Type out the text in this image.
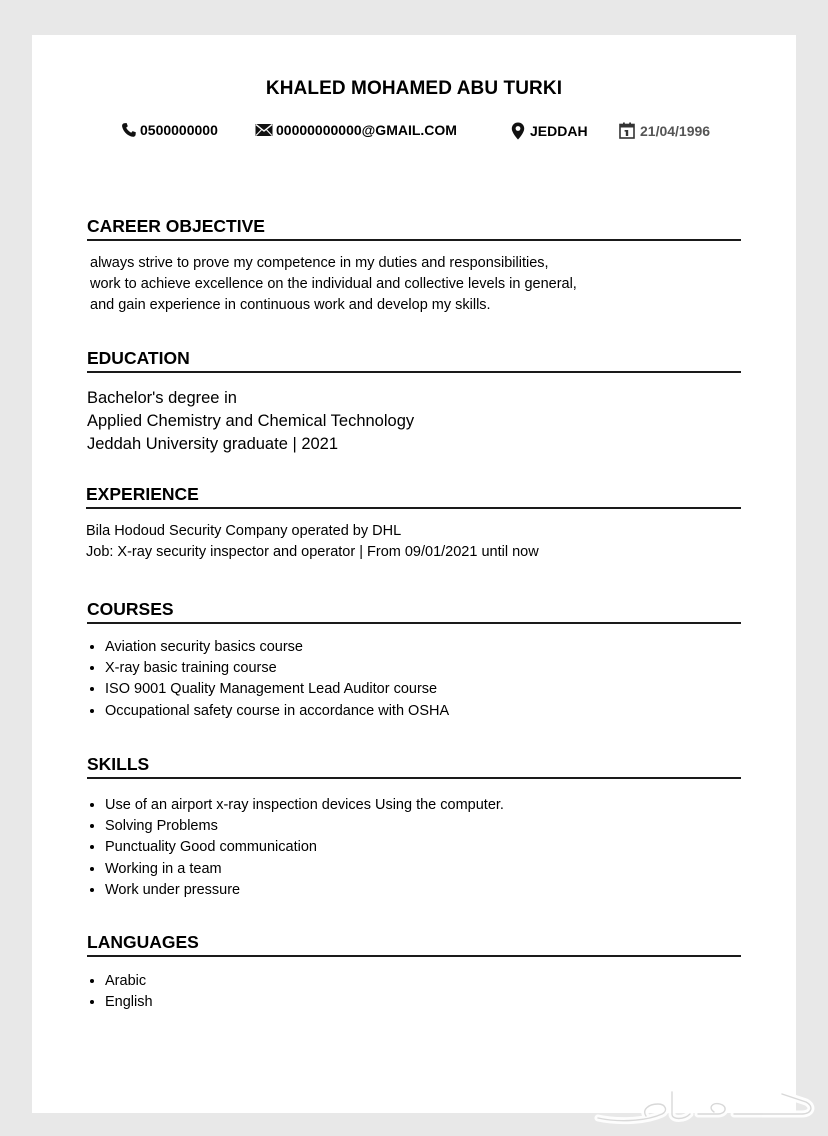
KHALED MOHAMED ABU TURKI
0500000000	00000000000@GMAIL.COM	JEDDAH	21/04/1996
CAREER OBJECTIVE
always strive to prove my competence in my duties and responsibilities,
work to achieve excellence on the individual and collective levels in general,
and gain experience in continuous work and develop my skills.
EDUCATION
Bachelor's degree in
Applied Chemistry and Chemical Technology
Jeddah University graduate | 2021
EXPERIENCE
Bila Hodoud Security Company operated by DHL
Job: X-ray security inspector and operator | From 09/01/2021 until now
COURSES
• Aviation security basics course
• X-ray basic training course
• ISO 9001 Quality Management Lead Auditor course
• Occupational safety course in accordance with OSHA
SKILLS
• Use of an airport x-ray inspection devices Using the computer.
• Solving Problems
• Punctuality Good communication
• Working in a team
• Work under pressure
LANGUAGES
• Arabic
• English
